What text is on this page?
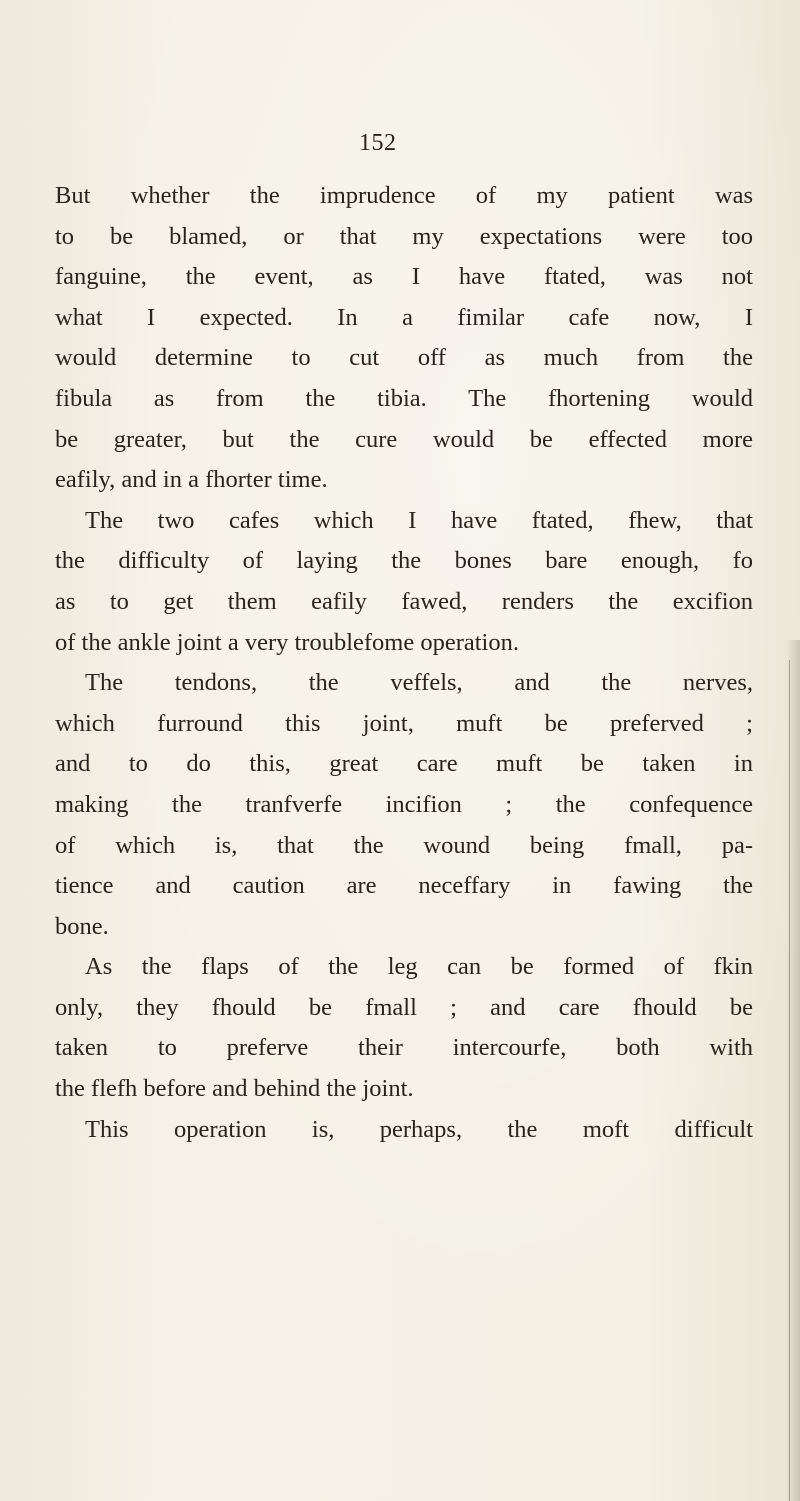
152

But whether the imprudence of my patient was
to be blamed, or that my expectations were too
fanguine, the event, as I have ftated, was not
what I expected. In a fimilar cafe now, I
would determine to cut off as much from the
fibula as from the tibia. The fhortening would
be greater, but the cure would be effected more
eafily, and in a fhorter time.

The two cafes which I have ftated, fhew, that
the difficulty of laying the bones bare enough, fo
as to get them eafily fawed, renders the excifion
of the ankle joint a very troublefome operation.

The tendons, the veffels, and the nerves,
which furround this joint, muft be preferved ;
and to do this, great care muft be taken in
making the tranfverfe incifion ; the confequence
of which is, that the wound being fmall, pa-
tience and caution are neceffary in fawing the
bone.

As the flaps of the leg can be formed of fkin
only, they fhould be fmall ; and care fhould be
taken to preferve their intercourfe, both with
the flefh before and behind the joint.

This operation is, perhaps, the moft difficult
